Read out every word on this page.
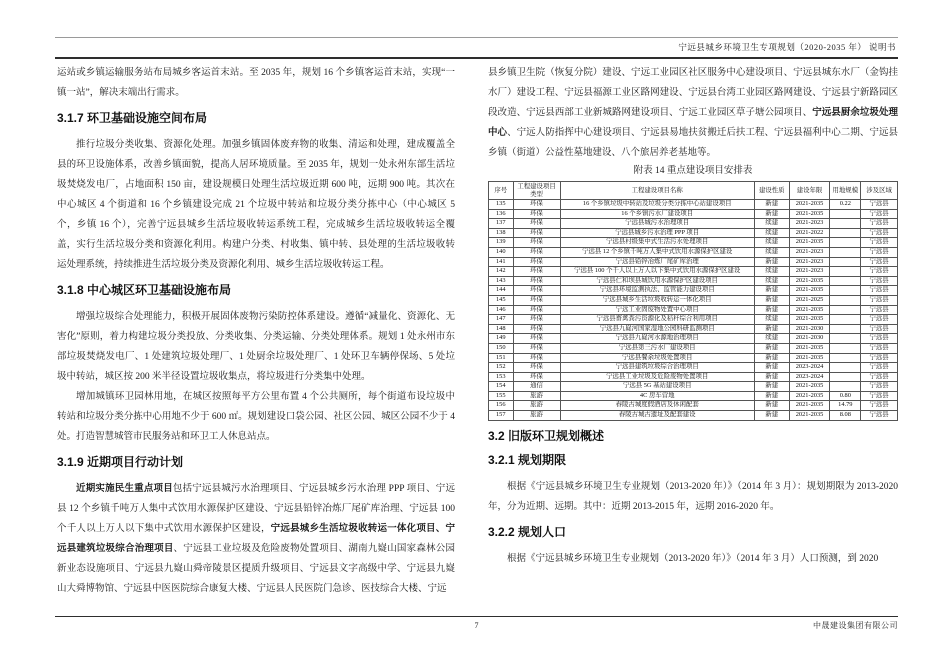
宁远县城乡环境卫生专项规划（2020-2035 年） 说明书

运站或乡镇运输服务站布局城乡客运首末站。至 2035 年，规划 16 个乡镇客运首末站，实现“一镇一站”，解决末端出行需求。

3.1.7 环卫基础设施空间布局

推行垃圾分类收集、资源化处理。加强乡镇固体废弃物的收集、清运和处理，建成覆盖全县的环卫设施体系，改善乡镇面貌，提高人居环境质量。至 2035 年，规划一处永州东部生活垃圾焚烧发电厂，占地面积 150 亩，建设规模日处理生活垃圾近期 600 吨，远期 900 吨。其次在中心城区 4 个街道和 16 个乡镇建设完成 21 个垃圾中转站和垃圾分类分拣中心（中心城区 5 个，乡镇 16 个），完善宁远县城乡生活垃圾收转运系统工程，完成城乡生活垃圾收转运全覆盖，实行生活垃圾分类和资源化利用。构建户分类、村收集、镇中转、县处理的生活垃圾收转运处理系统，持续推进生活垃圾分类及资源化利用、城乡生活垃圾收转运工程。

3.1.8 中心城区环卫基础设施布局

增强垃圾综合处理能力，积极开展固体废物污染防控体系建设。遵循“减量化、资源化、无害化”原则，着力构建垃圾分类投放、分类收集、分类运输、分类处理体系。规划 1 处永州市东部垃圾焚烧发电厂、1 处建筑垃圾处理厂、1 处厨余垃圾处理厂、1 处环卫车辆停保场、5 处垃圾中转站，城区按 200 米半径设置垃圾收集点，将垃圾进行分类集中处理。

增加城镇环卫园林用地，在城区按照每平方公里布置 4 个公共厕所，每个街道布设垃圾中转站和垃圾分类分拣中心用地不少于 600 ㎡。规划建设口袋公园、社区公园、城区公园不少于 4 处。打造智慧城管市民服务站和环卫工人休息站点。

3.1.9 近期项目行动计划

近期实施民生重点项目包括宁远县城污水治理项目、宁远县城乡污水治理 PPP 项目、宁远县 12 个乡镇千吨万人集中式饮用水源保护区建设、宁远县铅锌冶炼厂尾矿库治理、宁远县 100 个千人以上万人以下集中式饮用水源保护区建设，宁远县城乡生活垃圾收转运一体化项目、宁远县建筑垃圾综合治理项目、宁远县工业垃圾及危险废物处置项目、湖南九嶷山国家森林公园新业态设施项目、宁远县九嶷山舜帝陵景区提质升级项目、宁远县文字高级中学、宁远县九嶷山大舜博物馆、宁远县中医医院综合康复大楼、宁远县人民医院门急诊、医技综合大楼、宁远

县乡镇卫生院（恢复分院）建设、宁远工业园区社区服务中心建设项目、宁远县城东水厂（金钩挂水厂）建设工程、宁远县福源工业区路网建设、宁远县台湾工业园区路网建设、宁远县宁新路园区段改造、宁远县西部工业新城路网建设项目、宁远工业园区草子塘公园项目、宁远县厨余垃圾处理中心、宁远人防指挥中心建设项目、宁远县易地扶贫搬迁后扶工程、宁远县福利中心二期、宁远县乡镇（街道）公益性墓地建设、八个旅居养老基地等。

附表 14 重点建设项目安排表
序号	工程建设项目类型	工程建设项目名称	建设性质	建设年限	用地规模	涉及区域
135	环保	16 个乡镇垃圾中转站及垃圾分类分拣中心站建设项目	新建	2021-2035	0.22	宁远县
136	环保	16 个乡镇污水厂建设项目	新建	2021-2035		宁远县
137	环保	宁远县城污水治理项目	续建	2021-2023		宁远县
138	环保	宁远县城乡污水治理 PPP 项目	续建	2021-2022		宁远县
139	环保	宁远县村级集中式生活污水处理项目	续建	2021-2035		宁远县
140	环保	宁远县 12 个乡镇千吨万人集中式饮用水源保护区建设	续建	2021-2023		宁远县
141	环保	宁远县铅锌冶炼厂尾矿库治理	新建	2021-2023		宁远县
142	环保	宁远县 100 个千人以上万人以下集中式饮用水源保护区建设	续建	2021-2023		宁远县
143	环保	宁远县仁和坝县城饮用水源保护区建设项目	续建	2021-2035		宁远县
144	环保	宁远县环境监测执法、监管能力建设项目	新建	2021-2035		宁远县
145	环保	宁远县城乡生活垃圾收转运一体化项目	新建	2021-2025		宁远县
146	环保	宁远工业固废物处置中心项目	新建	2021-2035		宁远县
147	环保	宁远县畜禽粪污资源化及秸秆综合利用项目	续建	2021-2035		宁远县
148	环保	宁远县九嶷河国家湿地公园科研监测项目	新建	2021-2030		宁远县
149	环保	宁远县九嶷河水源地治理项目	续建	2021-2030		宁远县
150	环保	宁远县第三污水厂建设项目	新建	2021-2035		宁远县
151	环保	宁远县餐余垃圾处置项目	新建	2021-2035		宁远县
152	环保	宁远县建筑垃圾综合治理项目	新建	2023-2024		宁远县
153	环保	宁远县工业垃圾及危险废物处置项目	新建	2023-2024		宁远县
154	通信	宁远县 5G 基站建设项目	新建	2021-2035		宁远县
155	旅游	4C 房车营地	新建	2021-2035	0.80	宁远县
156	旅游	舂陵古城度假酒店及休闲配套	新建	2021-2035	14.79	宁远县
157	旅游	舂陵古城古遗址及配套建设	新建	2021-2035	8.08	宁远县
3.2 旧版环卫规划概述
3.2.1 规划期限

根据《宁远县城乡环境卫生专业规划（2013-2020 年）》（2014 年 3 月）：规划期限为 2013-2020 年，分为近期、远期。其中：近期 2013-2015 年，远期 2016-2020 年。

3.2.2 规划人口

根据《宁远县城乡环境卫生专业规划（2013-2020 年）》（2014 年 3 月）人口预测，到 2020

7	中晟建设集团有限公司
